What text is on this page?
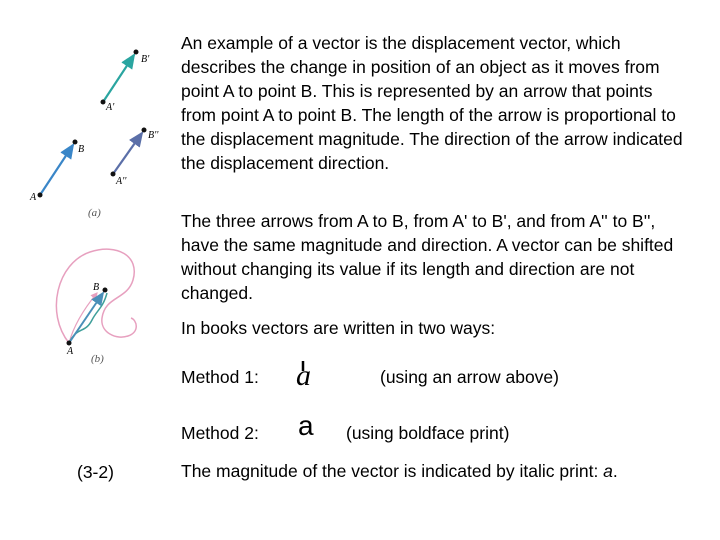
A
B
A'
B'
A''
B''
(a)
A
B
(b)

An example of a vector is the displacement vector, which describes the change in position of an object as it moves from point A to point B. This is represented by an arrow that points from point A to point B. The length of the arrow is proportional to the displacement magnitude. The direction of the arrow indicated the displacement direction.

The three arrows from A to B, from A' to B', and from A'' to B'', have the same magnitude and direction. A vector can be shifted without changing its value if its length and direction are not changed.

In books vectors are written in two ways:

Method 1: a	(using an arrow above)
Method 2: a (using boldface print)
(3-2)	The magnitude of the vector is indicated by italic print: a.
